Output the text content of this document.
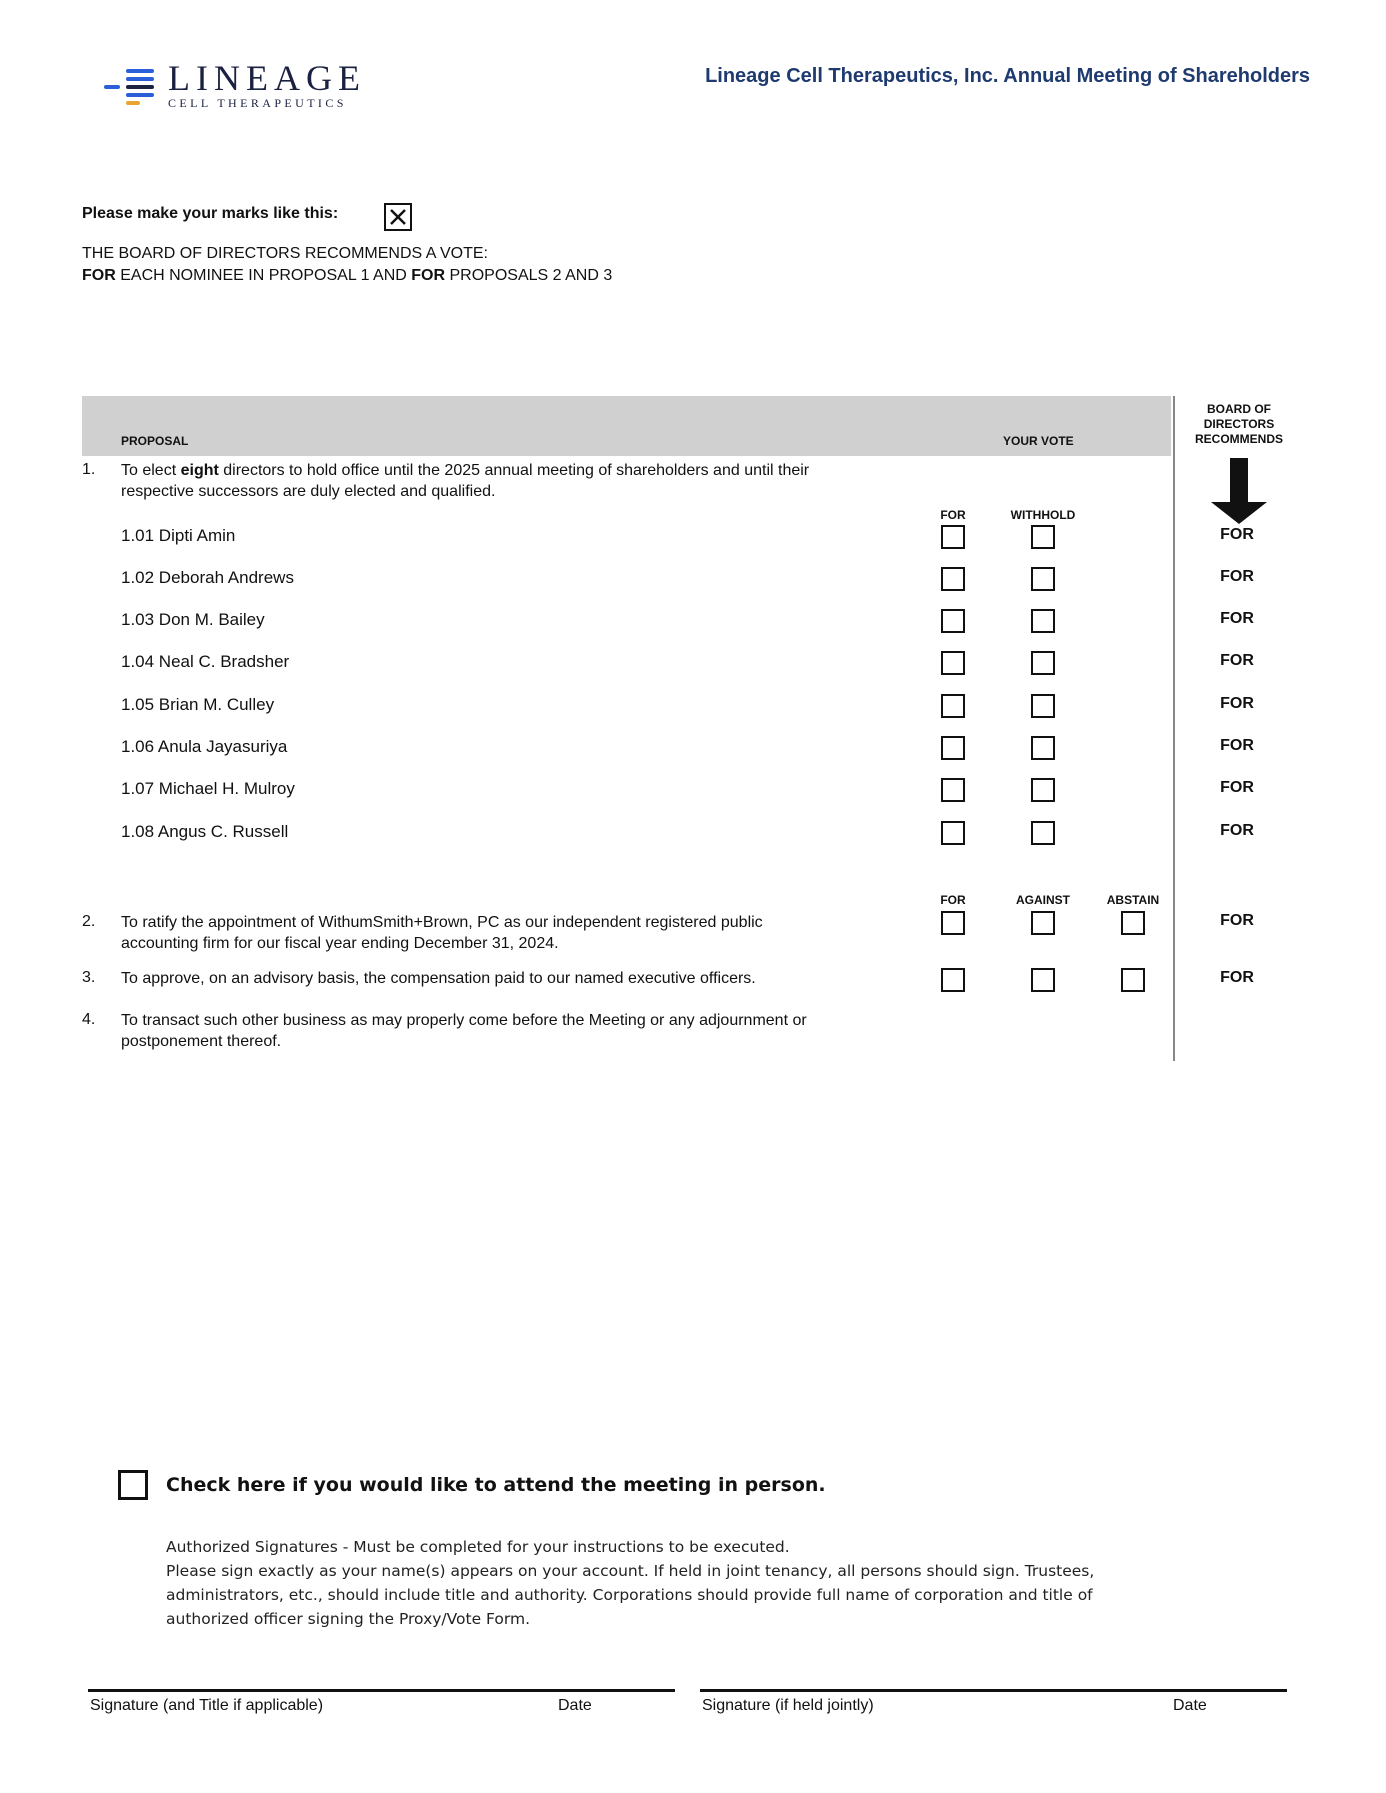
LINEAGE
CELL THERAPEUTICS
Lineage Cell Therapeutics, Inc. Annual Meeting of Shareholders
Please make your marks like this:
THE BOARD OF DIRECTORS RECOMMENDS A VOTE:
FOR EACH NOMINEE IN PROPOSAL 1 AND FOR PROPOSALS 2 AND 3
PROPOSAL	YOUR VOTE
BOARD OF
DIRECTORS
RECOMMENDS
1. To elect eight directors to hold office until the 2025 annual meeting of shareholders and until their
respective successors are duly elected and qualified.
FOR	WITHHOLD
1.01 Dipti Amin	FOR
1.02 Deborah Andrews	FOR
1.03 Don M. Bailey	FOR
1.04 Neal C. Bradsher	FOR
1.05 Brian M. Culley	FOR
1.06 Anula Jayasuriya	FOR
1.07 Michael H. Mulroy	FOR
1.08 Angus C. Russell	FOR
FOR	AGAINST	ABSTAIN
2. To ratify the appointment of WithumSmith+Brown, PC as our independent registered public
accounting firm for our fiscal year ending December 31, 2024.
FOR
3. To approve, on an advisory basis, the compensation paid to our named executive officers.	FOR
4. To transact such other business as may properly come before the Meeting or any adjournment or
postponement thereof.
Check here if you would like to attend the meeting in person.
Authorized Signatures - Must be completed for your instructions to be executed.
Please sign exactly as your name(s) appears on your account. If held in joint tenancy, all persons should sign. Trustees,
administrators, etc., should include title and authority. Corporations should provide full name of corporation and title of
authorized officer signing the Proxy/Vote Form.
Signature (and Title if applicable)	Date	Signature (if held jointly)	Date
